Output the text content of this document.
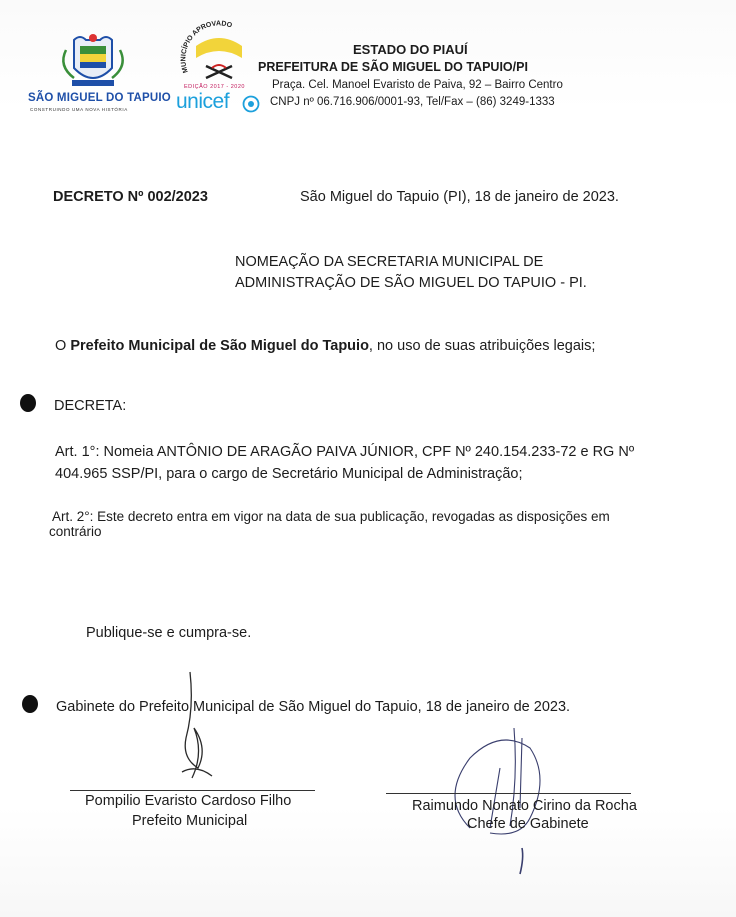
SÃO MIGUEL DO TAPUIO
CONSTRUINDO UMA NOVA HISTÓRIA
MUNICÍPIO APROVADO
EDIÇÃO 2017 - 2020
unicef
ESTADO DO PIAUÍ
PREFEITURA DE SÃO MIGUEL DO TAPUIO/PI
Praça. Cel. Manoel Evaristo de Paiva, 92 – Bairro Centro
CNPJ nº 06.716.906/0001-93, Tel/Fax – (86) 3249-1333
DECRETO Nº 002/2023	São Miguel do Tapuio (PI), 18 de janeiro de 2023.
NOMEAÇÃO DA SECRETARIA MUNICIPAL DE
ADMINISTRAÇÃO DE SÃO MIGUEL DO TAPUIO - PI.
O Prefeito Municipal de São Miguel do Tapuio, no uso de suas atribuições legais;
DECRETA:
Art. 1°: Nomeia ANTÔNIO DE ARAGÃO PAIVA JÚNIOR, CPF Nº 240.154.233-72 e RG Nº
404.965 SSP/PI, para o cargo de Secretário Municipal de Administração;
Art. 2°: Este decreto entra em vigor na data de sua publicação, revogadas as disposições em
contrário
Publique-se e cumpra-se.
Gabinete do Prefeito Municipal de São Miguel do Tapuio, 18 de janeiro de 2023.
Pompilio Evaristo Cardoso Filho
Prefeito Municipal
Raimundo Nonato Cirino da Rocha
Chefe de Gabinete
